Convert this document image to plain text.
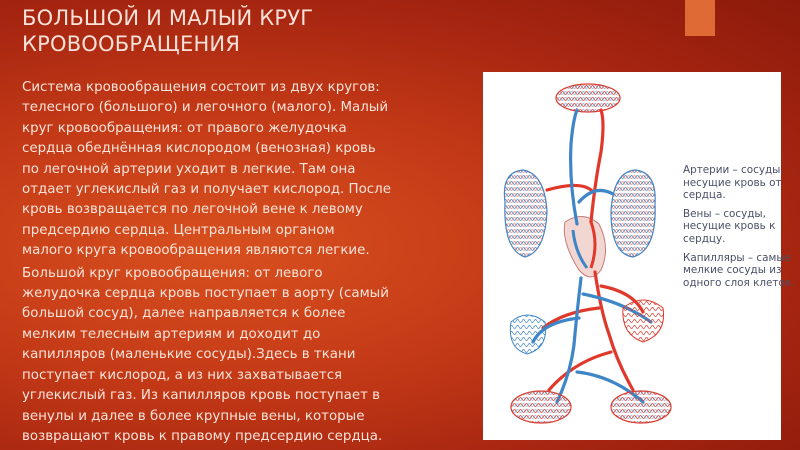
БОЛЬШОЙ И МАЛЫЙ КРУГ
КРОВООБРАЩЕНИЯ
Система кровообращения состоит из двух кругов:
телесного (большого) и легочного (малого). Малый
круг кровообращения: от правого желудочка
сердца обеднённая кислородом (венозная) кровь
по легочной артерии уходит в легкие. Там она
отдает углекислый газ и получает кислород. После
кровь возвращается по легочной вене к левому
предсердию сердца. Центральным органом
малого круга кровообращения являются легкие.
Большой круг кровообращения: от левого
желудочка сердца кровь поступает в аорту (самый
большой сосуд), далее направляется к более
мелким телесным артериям и доходит до
капилляров (маленькие сосуды).Здесь в ткани
поступает кислород, а из них захватывается
углекислый газ. Из капилляров кровь поступает в
венулы и далее в более крупные вены, которые
возвращают кровь к правому предсердию сердца.
Артерии – сосуды,
несущие кровь от
сердца.
Вены – сосуды,
несущие кровь к
сердцу.
Капилляры – самые
мелкие сосуды из
одного слоя клеток.
